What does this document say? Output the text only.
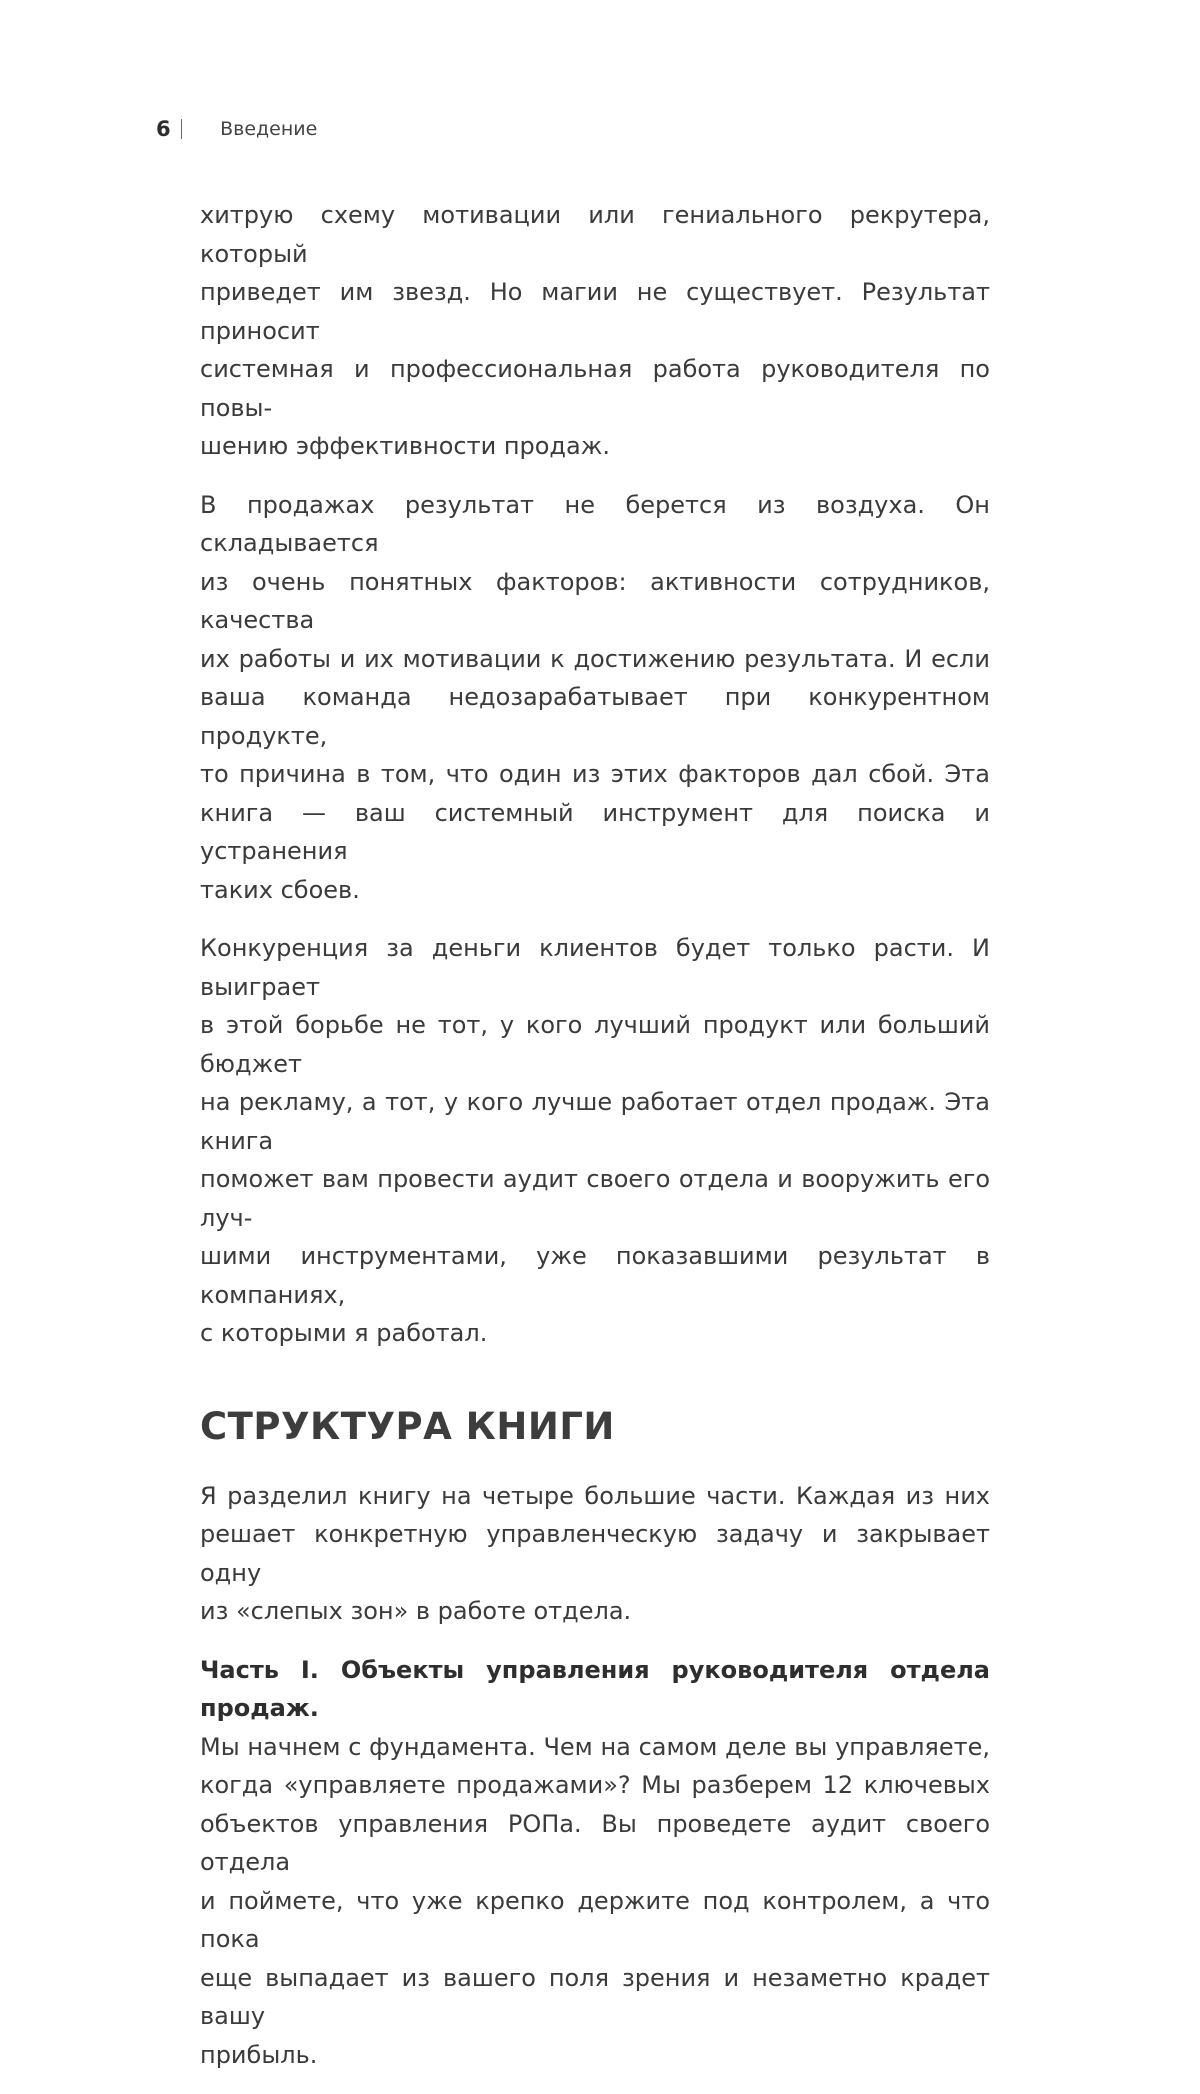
6	Введение

хитрую схему мотивации или гениального рекрутера, который
приведет им звезд. Но магии не существует. Результат приносит
системная и профессиональная работа руководителя по повы-
шению эффективности продаж.

В продажах результат не берется из воздуха. Он складывается
из очень понятных факторов: активности сотрудников, качества
их работы и их мотивации к достижению результата. И если
ваша команда недозарабатывает при конкурентном продукте,
то причина в том, что один из этих факторов дал сбой. Эта
книга — ваш системный инструмент для поиска и устранения
таких сбоев.

Конкуренция за деньги клиентов будет только расти. И выиграет
в этой борьбе не тот, у кого лучший продукт или больший бюджет
на рекламу, а тот, у кого лучше работает отдел продаж. Эта книга
поможет вам провести аудит своего отдела и вооружить его луч-
шими инструментами, уже показавшими результат в компаниях,
с которыми я работал.

СТРУКТУРА КНИГИ

Я разделил книгу на четыре большие части. Каждая из них
решает конкретную управленческую задачу и закрывает одну
из «слепых зон» в работе отдела.

Часть I. Объекты управления руководителя отдела продаж.
Мы начнем с фундамента. Чем на самом деле вы управляете,
когда «управляете продажами»? Мы разберем 12 ключевых
объектов управления РОПа. Вы проведете аудит своего отдела
и поймете, что уже крепко держите под контролем, а что пока
еще выпадает из вашего поля зрения и незаметно крадет вашу
прибыль.
